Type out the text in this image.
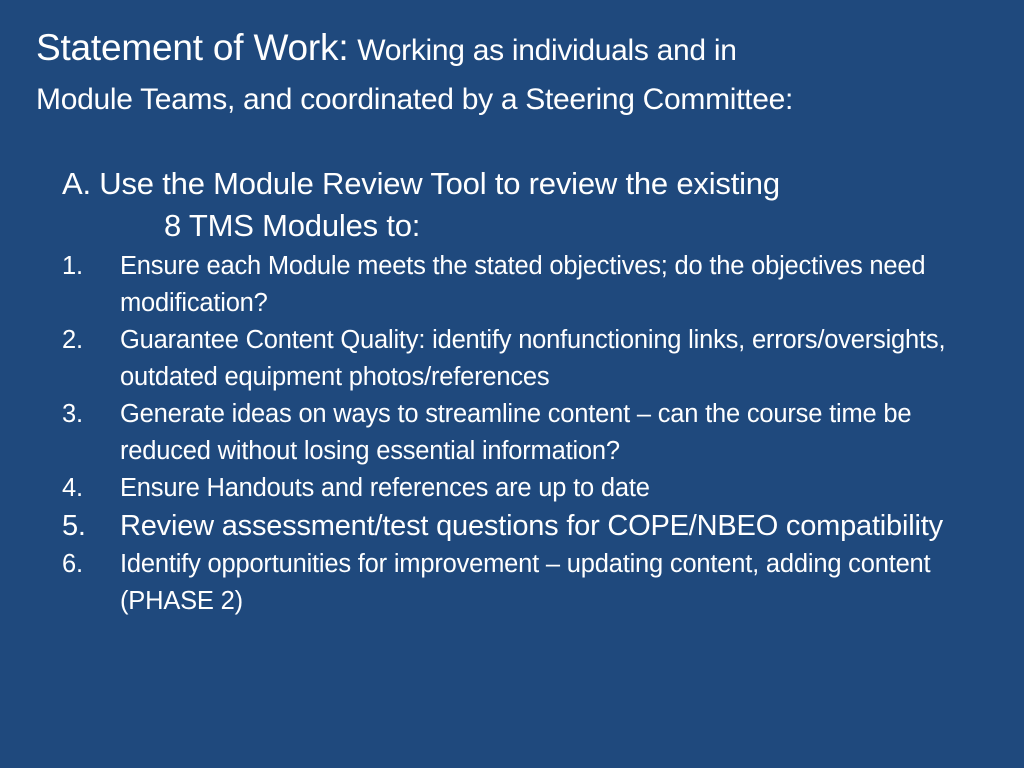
Statement of Work: Working as individuals and in
Module Teams, and coordinated by a Steering Committee:
A. Use the Module Review Tool to review the existing
8 TMS Modules to:
1.	Ensure each Module meets the stated objectives; do the objectives need modification?
2.	Guarantee Content Quality: identify nonfunctioning links, errors/oversights, outdated equipment photos/references
3.	Generate ideas on ways to streamline content – can the course time be reduced without losing essential information?
4.	Ensure Handouts and references are up to date
5.	Review assessment/test questions for COPE/NBEO compatibility
6.	Identify opportunities for improvement – updating content, adding content (PHASE 2)
